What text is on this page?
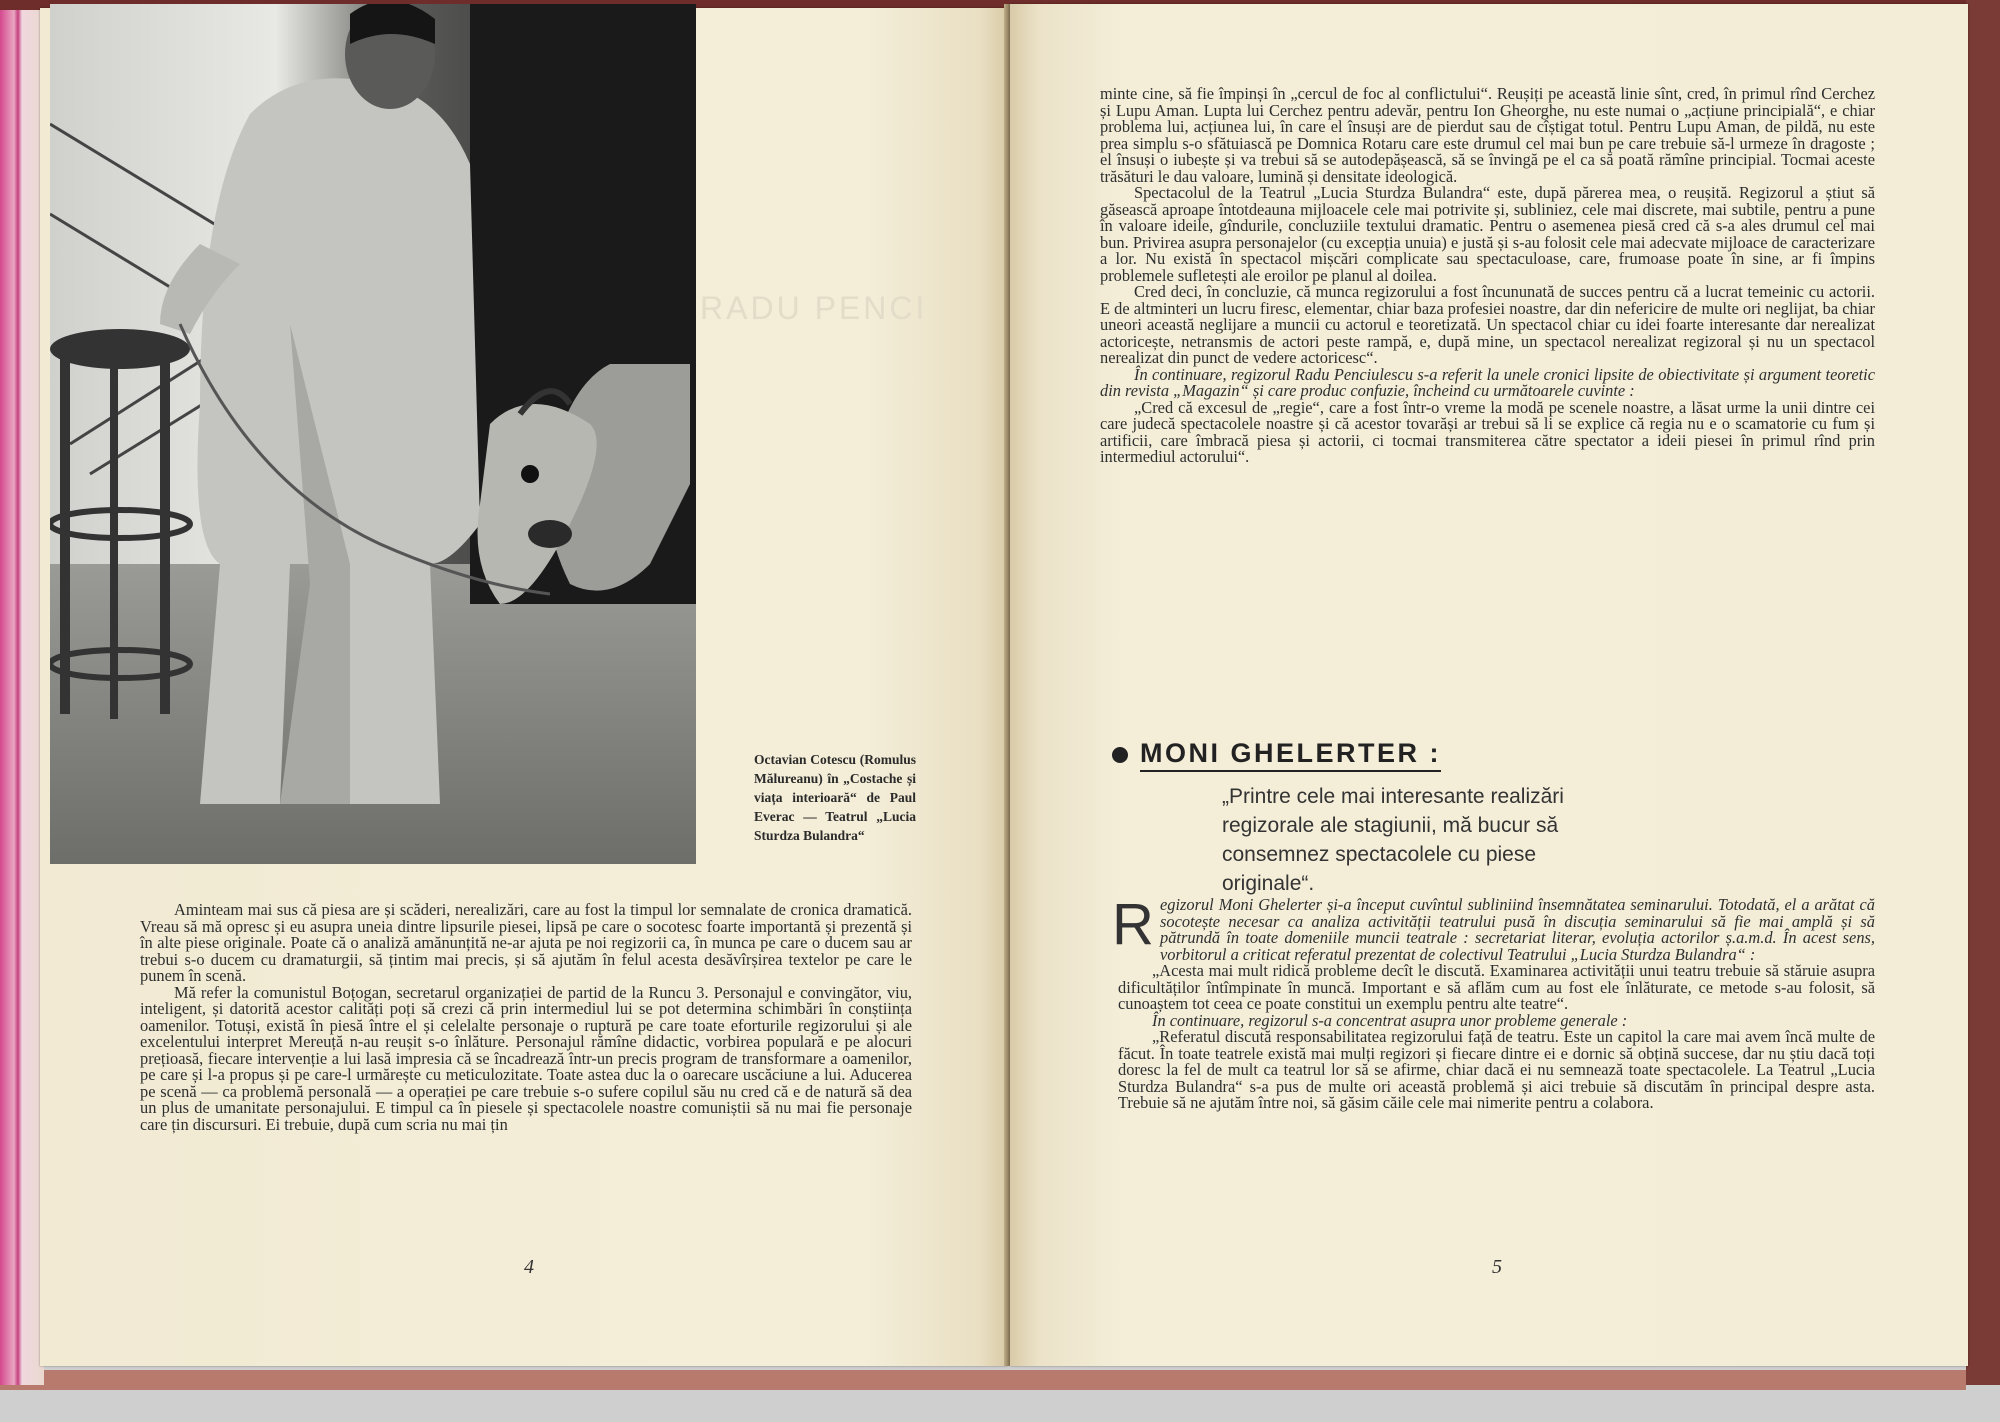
RADU PENCI
Octavian Cotescu (Romulus Mălureanu) în „Costache și viața interioară“ de Paul Everac — Teatrul „Lucia Sturdza Bulandra“

Aminteam mai sus că piesa are și scăderi, nerealizări, care au fost la timpul lor semnalate de cronica dramatică. Vreau să mă opresc și eu asupra uneia dintre lipsurile piesei, lipsă pe care o socotesc foarte importantă și prezentă și în alte piese originale. Poate că o analiză amănunțită ne-ar ajuta pe noi regizorii ca, în munca pe care o ducem sau ar trebui s-o ducem cu dramaturgii, să țintim mai precis, și să ajutăm în felul acesta desăvîrșirea textelor pe care le punem în scenă.

Mă refer la comunistul Boțogan, secretarul organizației de partid de la Runcu 3. Personajul e convingător, viu, inteligent, și datorită acestor calități poți să crezi că prin intermediul lui se pot determina schimbări în conștiința oamenilor. Totuși, există în piesă între el și celelalte personaje o ruptură pe care toate eforturile regizorului și ale excelentului interpret Mereuță n-au reușit s-o înlăture. Personajul rămîne didactic, vorbirea populară e pe alocuri prețioasă, fiecare intervenție a lui lasă impresia că se încadrează într-un precis program de transformare a oamenilor, pe care și l-a propus și pe care-l urmărește cu meticulozitate. Toate astea duc la o oarecare uscăciune a lui. Aducerea pe scenă — ca problemă personală — a operației pe care trebuie s-o sufere copilul său nu cred că e de natură să dea un plus de umanitate personajului. E timpul ca în piesele și spectacolele noastre comuniștii să nu mai fie personaje care țin discursuri. Ei trebuie, după cum scria nu mai țin

4

minte cine, să fie împinși în „cercul de foc al conflictului“. Reușiți pe această linie sînt, cred, în primul rînd Cerchez și Lupu Aman. Lupta lui Cerchez pentru adevăr, pentru Ion Gheorghe, nu este numai o „acțiune principială“, e chiar problema lui, acțiunea lui, în care el însuși are de pierdut sau de cîștigat totul. Pentru Lupu Aman, de pildă, nu este prea simplu s-o sfătuiască pe Domnica Rotaru care este drumul cel mai bun pe care trebuie să-l urmeze în dragoste ; el însuși o iubește și va trebui să se autodepășească, să se învingă pe el ca să poată rămîne principial. Tocmai aceste trăsături le dau valoare, lumină și densitate ideologică.

Spectacolul de la Teatrul „Lucia Sturdza Bulandra“ este, după părerea mea, o reușită. Regizorul a știut să găsească aproape întotdeauna mijloacele cele mai potrivite și, subliniez, cele mai discrete, mai subtile, pentru a pune în valoare ideile, gîndurile, concluziile textului dramatic. Pentru o asemenea piesă cred că s-a ales drumul cel mai bun. Privirea asupra personajelor (cu excepția unuia) e justă și s-au folosit cele mai adecvate mijloace de caracterizare a lor. Nu există în spectacol mișcări complicate sau spectaculoase, care, frumoase poate în sine, ar fi împins problemele sufletești ale eroilor pe planul al doilea.

Cred deci, în concluzie, că munca regizorului a fost încununată de succes pentru că a lucrat temeinic cu actorii. E de altminteri un lucru firesc, elementar, chiar baza profesiei noastre, dar din nefericire de multe ori neglijat, ba chiar uneori această neglijare a muncii cu actorul e teoretizată. Un spectacol chiar cu idei foarte interesante dar nerealizat actoricește, netransmis de actori peste rampă, e, după mine, un spectacol nerealizat regizoral și nu un spectacol nerealizat din punct de vedere actoricesc“.

În continuare, regizorul Radu Penciulescu s-a referit la unele cronici lipsite de obiectivitate și argument teoretic din revista „Magazin“ și care produc confuzie, încheind cu următoarele cuvinte :

„Cred că excesul de „regie“, care a fost într-o vreme la modă pe scenele noastre, a lăsat urme la unii dintre cei care judecă spectacolele noastre și că acestor tovarăși ar trebui să li se explice că regia nu e o scamatorie cu fum și artificii, care îmbracă piesa și actorii, ci tocmai transmiterea către spectator a ideii piesei în primul rînd prin intermediul actorului“.

MONI GHELERTER :
„Printre cele mai interesante realizări regizorale ale stagiunii, mă bucur să consemnez spectacolele cu piese originale“.
R egizorul Moni Ghelerter și-a început cuvîntul subliniind însemnătatea seminarului. Totodată, el a arătat că socotește necesar ca analiza activității teatrului pusă în discuția seminarului să fie mai amplă și să pătrundă în toate domeniile muncii teatrale : secretariat literar, evoluția actorilor ș.a.m.d. În acest sens, vorbitorul a criticat referatul prezentat de colectivul Teatrului „Lucia Sturdza Bulandra“ :

„Acesta mai mult ridică probleme decît le discută. Examinarea activității unui teatru trebuie să stăruie asupra dificultăților întîmpinate în muncă. Important e să aflăm cum au fost ele înlăturate, ce metode s-au folosit, să cunoaștem tot ceea ce poate constitui un exemplu pentru alte teatre“.

În continuare, regizorul s-a concentrat asupra unor probleme generale :

„Referatul discută responsabilitatea regizorului față de teatru. Este un capitol la care mai avem încă multe de făcut. În toate teatrele există mai mulți regizori și fiecare dintre ei e dornic să obțină succese, dar nu știu dacă toți doresc la fel de mult ca teatrul lor să se afirme, chiar dacă ei nu semnează toate spectacolele. La Teatrul „Lucia Sturdza Bulandra“ s-a pus de multe ori această problemă și aici trebuie să discutăm în principal despre asta. Trebuie să ne ajutăm între noi, să găsim căile cele mai nimerite pentru a colabora.

5
